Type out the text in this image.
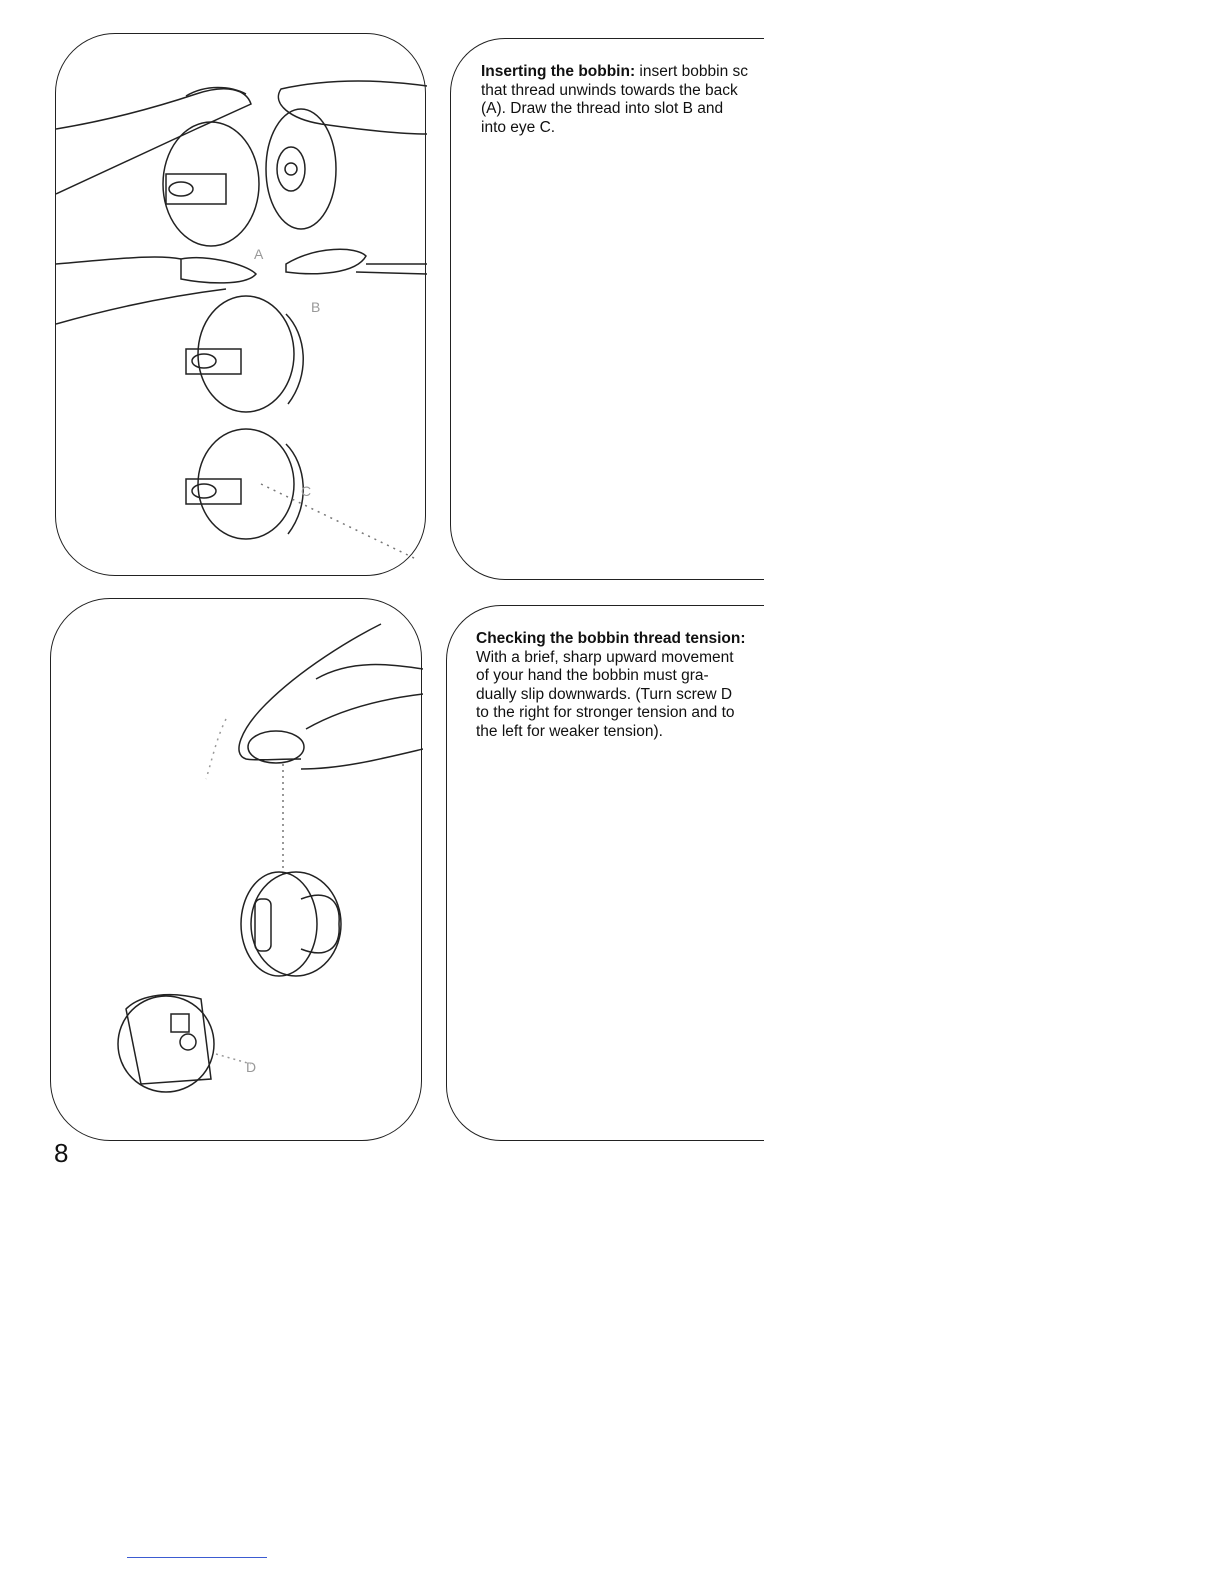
A
B
C

Inserting the bobbin: insert bobbin sc
that thread unwinds towards the back
(A). Draw the thread into slot B and
into eye C.

D

Checking the bobbin thread tension:
With a brief, sharp upward movement
of your hand the bobbin must gra-
dually slip downwards. (Turn screw D
to the right for stronger tension and to
the left for weaker tension).

8
